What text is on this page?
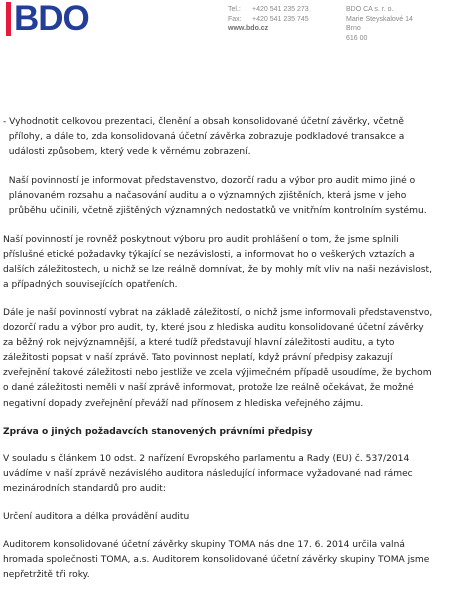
BDO	Tel.: +420 541 235 273
Fax: +420 541 235 745
www.bdo.cz
BDO CA s. r. o.
Marie Steyskalové 14
Brno
616 00
- Vyhodnotit celkovou prezentaci, členění a obsah konsolidované účetní závěrky, včetně
přílohy, a dále to, zda konsolidovaná účetní závěrka zobrazuje podkladové transakce a
události způsobem, který vede k věrnému zobrazení.
Naší povinností je informovat představenstvo, dozorčí radu a výbor pro audit mimo jiné o
plánovaném rozsahu a načasování auditu a o významných zjištěních, která jsme v jeho
průběhu učinili, včetně zjištěných významných nedostatků ve vnitřním kontrolním systému.
Naší povinností je rovněž poskytnout výboru pro audit prohlášení o tom, že jsme splnili
příslušné etické požadavky týkající se nezávislosti, a informovat ho o veškerých vztazích a
dalších záležitostech, u nichž se lze reálně domnívat, že by mohly mít vliv na naši nezávislost,
a případných souvisejících opatřeních.
Dále je naší povinností vybrat na základě záležitostí, o nichž jsme informovali představenstvo,
dozorčí radu a výbor pro audit, ty, které jsou z hlediska auditu konsolidované účetní závěrky
za běžný rok nejvýznamnější, a které tudíž představují hlavní záležitosti auditu, a tyto
záležitosti popsat v naší zprávě. Tato povinnost neplatí, když právní předpisy zakazují
zveřejnění takové záležitosti nebo jestliže ve zcela výjimečném případě usoudíme, že bychom
o dané záležitosti neměli v naší zprávě informovat, protože lze reálně očekávat, že možné
negativní dopady zveřejnění převáží nad přínosem z hlediska veřejného zájmu.
Zpráva o jiných požadavcích stanovených právními předpisy
V souladu s článkem 10 odst. 2 nařízení Evropského parlamentu a Rady (EU) č. 537/2014
uvádíme v naší zprávě nezávislého auditora následující informace vyžadované nad rámec
mezinárodních standardů pro audit:
Určení auditora a délka provádění auditu
Auditorem konsolidované účetní závěrky skupiny TOMA nás dne 17. 6. 2014 určila valná
hromada společnosti TOMA, a.s. Auditorem konsolidované účetní závěrky skupiny TOMA jsme
nepřetržitě tři roky.
